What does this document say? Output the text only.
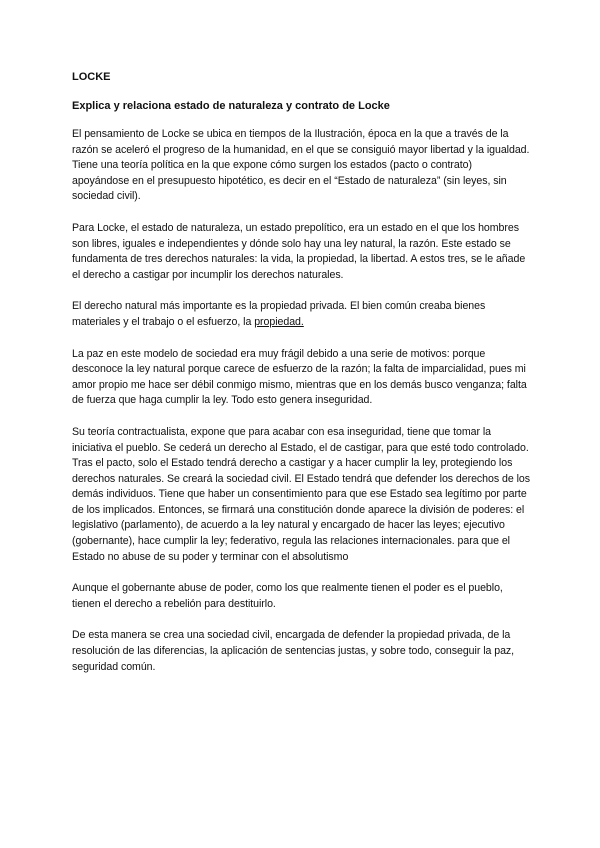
LOCKE
Explica y relaciona estado de naturaleza y contrato de Locke

El pensamiento de Locke se ubica en tiempos de la Ilustración, época en la que a través de la razón se aceleró el progreso de la humanidad, en el que se consiguió mayor libertad y la igualdad. Tiene una teoría política en la que expone cómo surgen los estados (pacto o contrato) apoyándose en el presupuesto hipotético, es decir en el “Estado de naturaleza” (sin leyes, sin sociedad civil).

Para Locke, el estado de naturaleza, un estado prepolítico, era un estado en el que los hombres son libres, iguales e independientes y dónde solo hay una ley natural, la razón. Este estado se fundamenta de tres derechos naturales: la vida, la propiedad, la libertad. A estos tres, se le añade el derecho a castigar por incumplir los derechos naturales.

El derecho natural más importante es la propiedad privada. El bien común creaba bienes materiales y el trabajo o el esfuerzo, la propiedad.

La paz en este modelo de sociedad era muy frágil debido a una serie de motivos: porque desconoce la ley natural porque carece de esfuerzo de la razón; la falta de imparcialidad, pues mi amor propio me hace ser débil conmigo mismo, mientras que en los demás busco venganza; falta de fuerza que haga cumplir la ley. Todo esto genera inseguridad.

Su teoría contractualista, expone que para acabar con esa inseguridad, tiene que tomar la iniciativa el pueblo. Se cederá un derecho al Estado, el de castigar, para que esté todo controlado. Tras el pacto, solo el Estado tendrá derecho a castigar y a hacer cumplir la ley, protegiendo los derechos naturales. Se creará la sociedad civil. El Estado tendrá que defender los derechos de los demás individuos. Tiene que haber un consentimiento para que ese Estado sea legítimo por parte de los implicados. Entonces, se firmará una constitución donde aparece la división de poderes: el legislativo (parlamento), de acuerdo a la ley natural y encargado de hacer las leyes; ejecutivo (gobernante), hace cumplir la ley; federativo, regula las relaciones internacionales. para que el Estado no abuse de su poder y terminar con el absolutismo

Aunque el gobernante abuse de poder, como los que realmente tienen el poder es el pueblo, tienen el derecho a rebelión para destituirlo.

De esta manera se crea una sociedad civil, encargada de defender la propiedad privada, de la resolución de las diferencias, la aplicación de sentencias justas, y sobre todo, conseguir la paz, seguridad común.
